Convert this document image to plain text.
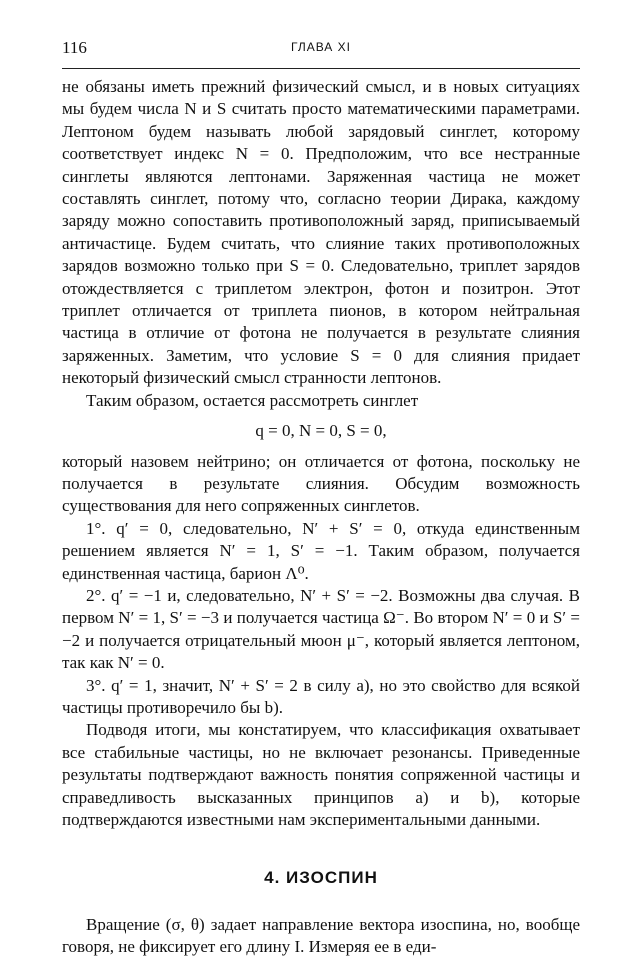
116	ГЛАВА XI

не обязаны иметь прежний физический смысл, и в новых ситуациях мы будем числа N и S считать просто математическими параметрами. Лептоном будем называть любой зарядовый синглет, которому соответствует индекс N = 0. Предположим, что все нестранные синглеты являются лептонами. Заряженная частица не может составлять синглет, потому что, согласно теории Дирака, каждому заряду можно сопоставить противоположный заряд, приписываемый античастице. Будем считать, что слияние таких противоположных зарядов возможно только при S = 0. Следовательно, триплет зарядов отождествляется с триплетом электрон, фотон и позитрон. Этот триплет отличается от триплета пионов, в котором нейтральная частица в отличие от фотона не получается в результате слияния заряженных. Заметим, что условие S = 0 для слияния придает некоторый физический смысл странности лептонов.

Таким образом, остается рассмотреть синглет

q = 0, N = 0, S = 0,

который назовем нейтрино; он отличается от фотона, поскольку не получается в результате слияния. Обсудим возможность существования для него сопряженных синглетов.

1°. q′ = 0, следовательно, N′ + S′ = 0, откуда единственным решением является N′ = 1, S′ = −1. Таким образом, получается единственная частица, барион Λ⁰.

2°. q′ = −1 и, следовательно, N′ + S′ = −2. Возможны два случая. В первом N′ = 1, S′ = −3 и получается частица Ω⁻. Во втором N′ = 0 и S′ = −2 и получается отрицательный мюон μ⁻, который является лептоном, так как N′ = 0.

3°. q′ = 1, значит, N′ + S′ = 2 в силу a), но это свойство для всякой частицы противоречило бы b).

Подводя итоги, мы констатируем, что классификация охватывает все стабильные частицы, но не включает резонансы. Приведенные результаты подтверждают важность понятия сопряженной частицы и справедливость высказанных принципов a) и b), которые подтверждаются известными нам экспериментальными данными.

4. ИЗОСПИН

Вращение (σ, θ) задает направление вектора изоспина, но, вообще говоря, не фиксирует его длину I. Измеряя ее в еди-
